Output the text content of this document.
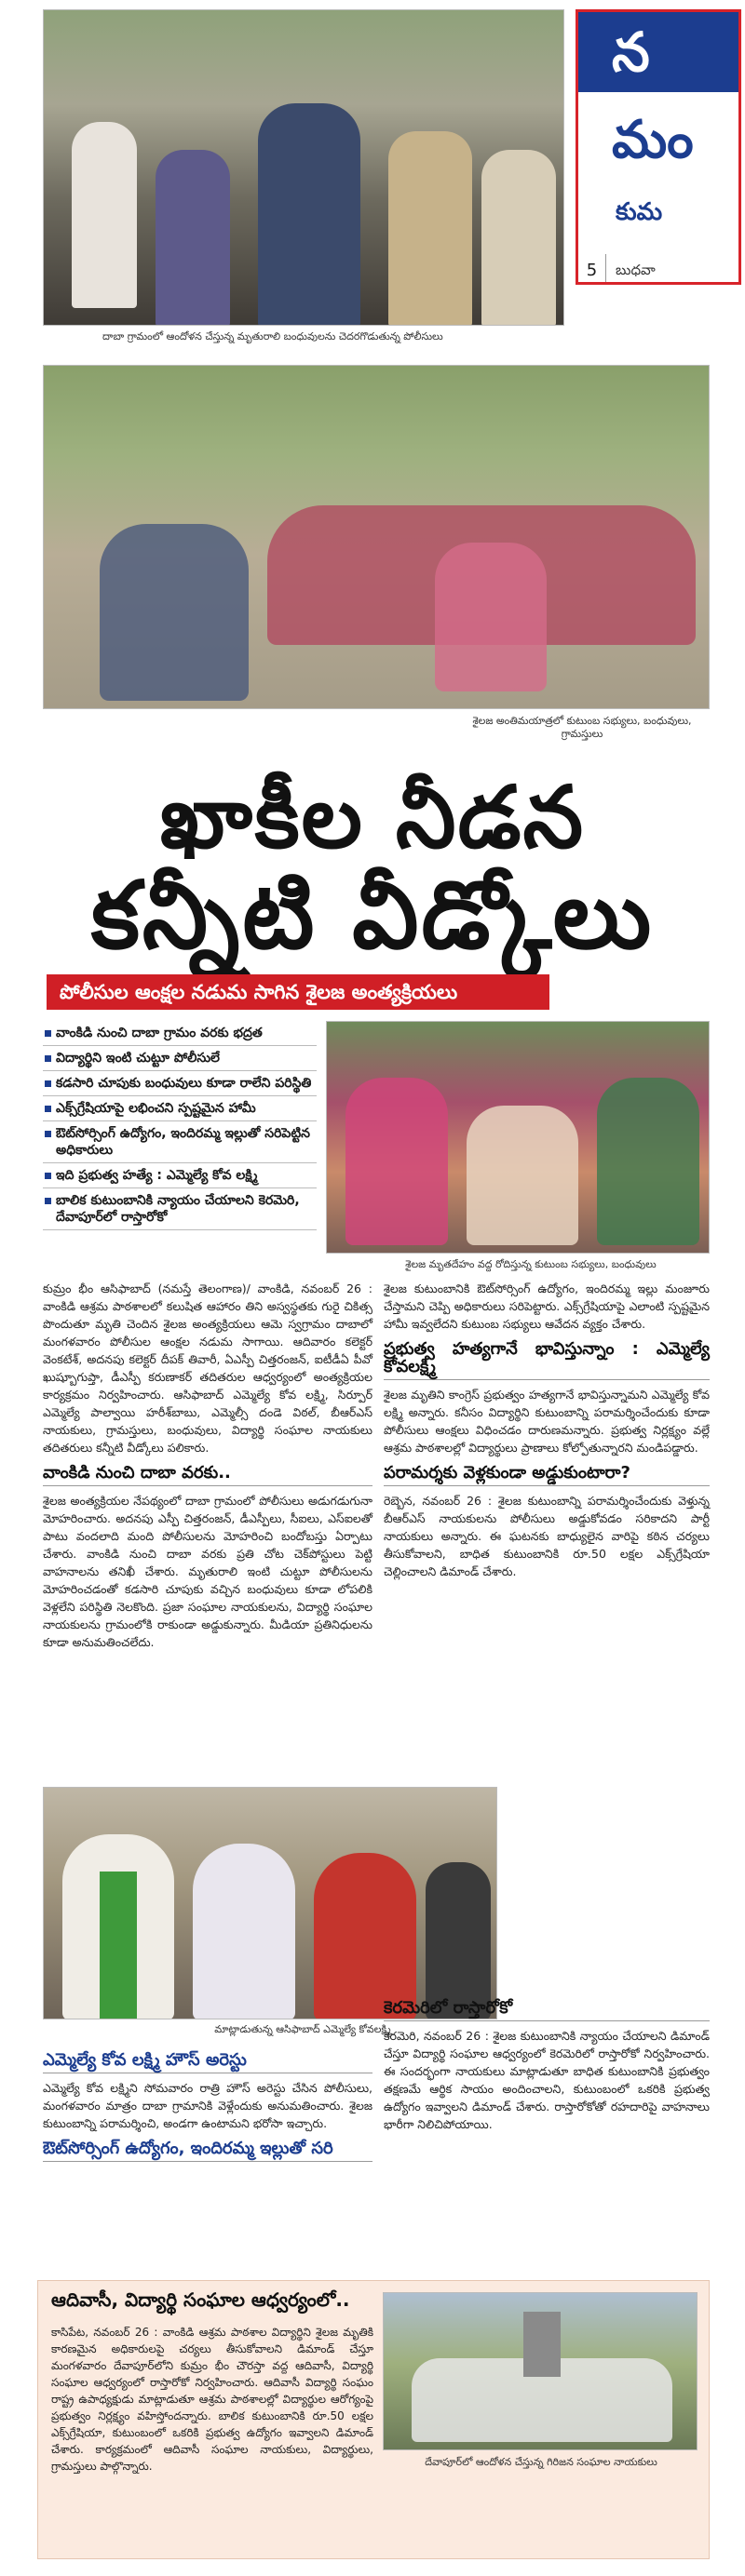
దాబా గ్రామంలో ఆందోళన చేస్తున్న మృతురాలి బంధువులను చెదరగొడుతున్న పోలీసులు
న
మం
కుమ
5	బుధవా
శైలజ అంతిమయాత్రలో కుటుంబ సభ్యులు, బంధువులు, గ్రామస్తులు
ఖాకీల నీడన
కన్నీటి వీడ్కోలు
పోలీసుల ఆంక్షల నడుమ సాగిన శైలజ అంత్యక్రియలు
వాంకిడి నుంచి దాబా గ్రామం వరకు భద్రత
విద్యార్థిని ఇంటి చుట్టూ పోలీసులే
కడసారి చూపుకు బంధువులు కూడా రాలేని పరిస్థితి
ఎక్స్‌గ్రేషియాపై లభించని స్పష్టమైన హామీ
ఔట్‌సోర్సింగ్ ఉద్యోగం, ఇందిరమ్మ ఇల్లుతో సరిపెట్టిన అధికారులు
ఇది ప్రభుత్వ హత్యే : ఎమ్మెల్యే కోవ లక్ష్మి
బాలిక కుటుంబానికి న్యాయం చేయాలని కెరమెరి, దేవాపూర్‌లో రాస్తారోకో
శైలజ మృతదేహం వద్ద రోదిస్తున్న కుటుంబ సభ్యులు, బంధువులు

కుమ్రం భీం ఆసిఫాబాద్ (నమస్తే తెలంగాణ)/ వాంకిడి, నవంబర్ 26 : వాంకిడి ఆశ్రమ పాఠశాలలో కలుషిత ఆహారం తిని అస్వస్థతకు గురై చికిత్స పొందుతూ మృతి చెందిన శైలజ అంత్యక్రియలు ఆమె స్వగ్రామం దాబాలో మంగళవారం పోలీసుల ఆంక్షల నడుమ సాగాయి. ఆదివారం కలెక్టర్ వెంకటేశ్, అదనపు కలెక్టర్ దీపక్ తివారీ, ఏఎస్పీ చిత్తరంజన్, ఐటీడీఏ పీవో ఖుష్బూగుప్తా, డీఎస్పీ కరుణాకర్ తదితరుల ఆధ్వర్యంలో అంత్యక్రియల కార్యక్రమం నిర్వహించారు. ఆసిఫాబాద్ ఎమ్మెల్యే కోవ లక్ష్మి, సిర్పూర్ ఎమ్మెల్యే పాల్వాయి హరీశ్‌బాబు, ఎమ్మెల్సీ దండె విఠల్, బీఆర్ఎస్ నాయకులు, గ్రామస్తులు, బంధువులు, విద్యార్థి సంఘాల నాయకులు తదితరులు కన్నీటి వీడ్కోలు పలికారు.

వాంకిడి నుంచి దాబా వరకు..

శైలజ అంత్యక్రియల నేపథ్యంలో దాబా గ్రామంలో పోలీసులు అడుగడుగునా మోహరించారు. అదనపు ఎస్పీ చిత్తరంజన్, డీఎస్పీలు, సీఐలు, ఎస్ఐలతో పాటు వందలాది మంది పోలీసులను మోహరించి బందోబస్తు ఏర్పాటు చేశారు. వాంకిడి నుంచి దాబా వరకు ప్రతి చోట చెక్‌పోస్టులు పెట్టి వాహనాలను తనిఖీ చేశారు. మృతురాలి ఇంటి చుట్టూ పోలీసులను మోహరించడంతో కడసారి చూపుకు వచ్చిన బంధువులు కూడా లోపలికి వెళ్లలేని పరిస్థితి నెలకొంది. ప్రజా సంఘాల నాయకులను, విద్యార్థి సంఘాల నాయకులను గ్రామంలోకి రాకుండా అడ్డుకున్నారు. మీడియా ప్రతినిధులను కూడా అనుమతించలేదు.

శైలజ కుటుంబానికి ఔట్‌సోర్సింగ్ ఉద్యోగం, ఇందిరమ్మ ఇల్లు మంజూరు చేస్తామని చెప్పి అధికారులు సరిపెట్టారు. ఎక్స్‌గ్రేషియాపై ఎలాంటి స్పష్టమైన హామీ ఇవ్వలేదని కుటుంబ సభ్యులు ఆవేదన వ్యక్తం చేశారు.

ప్రభుత్వ హత్యగానే భావిస్తున్నాం : ఎమ్మెల్యే కోవలక్ష్మి

శైలజ మృతిని కాంగ్రెస్ ప్రభుత్వం హత్యగానే భావిస్తున్నామని ఎమ్మెల్యే కోవ లక్ష్మి అన్నారు. కనీసం విద్యార్థిని కుటుంబాన్ని పరామర్శించేందుకు కూడా పోలీసులు ఆంక్షలు విధించడం దారుణమన్నారు. ప్రభుత్వ నిర్లక్ష్యం వల్లే ఆశ్రమ పాఠశాలల్లో విద్యార్థులు ప్రాణాలు కోల్పోతున్నారని మండిపడ్డారు.

పరామర్శకు వెళ్లకుండా అడ్డుకుంటారా?

రెబ్బెన, నవంబర్ 26 : శైలజ కుటుంబాన్ని పరామర్శించేందుకు వెళ్తున్న బీఆర్ఎస్ నాయకులను పోలీసులు అడ్డుకోవడం సరికాదని పార్టీ నాయకులు అన్నారు. ఈ ఘటనకు బాధ్యులైన వారిపై కఠిన చర్యలు తీసుకోవాలని, బాధిత కుటుంబానికి రూ.50 లక్షల ఎక్స్‌గ్రేషియా చెల్లించాలని డిమాండ్ చేశారు.

మాట్లాడుతున్న ఆసిఫాబాద్ ఎమ్మెల్యే కోవలక్ష్మి
ఎమ్మెల్యే కోవ లక్ష్మి హౌస్ అరెస్టు

ఎమ్మెల్యే కోవ లక్ష్మిని సోమవారం రాత్రి హౌస్ అరెస్టు చేసిన పోలీసులు, మంగళవారం మాత్రం దాబా గ్రామానికి వెళ్లేందుకు అనుమతించారు. శైలజ కుటుంబాన్ని పరామర్శించి, అండగా ఉంటామని భరోసా ఇచ్చారు.

ఔట్‌సోర్సింగ్ ఉద్యోగం, ఇందిరమ్మ ఇల్లుతో సరి
కెరమెరిలో రాస్తారోకో

కెరమెరి, నవంబర్ 26 : శైలజ కుటుంబానికి న్యాయం చేయాలని డిమాండ్ చేస్తూ విద్యార్థి సంఘాల ఆధ్వర్యంలో కెరమెరిలో రాస్తారోకో నిర్వహించారు. ఈ సందర్భంగా నాయకులు మాట్లాడుతూ బాధిత కుటుంబానికి ప్రభుత్వం తక్షణమే ఆర్థిక సాయం అందించాలని, కుటుంబంలో ఒకరికి ప్రభుత్వ ఉద్యోగం ఇవ్వాలని డిమాండ్ చేశారు. రాస్తారోకోతో రహదారిపై వాహనాలు భారీగా నిలిచిపోయాయి.

ఆదివాసీ, విద్యార్థి సంఘాల ఆధ్వర్యంలో..
దేవాపూర్‌లో ఆందోళన చేస్తున్న గిరిజన సంఘాల నాయకులు
కాసిపేట, నవంబర్ 26 : వాంకిడి ఆశ్రమ పాఠశాల విద్యార్థిని శైలజ మృతికి కారణమైన అధికారులపై చర్యలు తీసుకోవాలని డిమాండ్ చేస్తూ మంగళవారం దేవాపూర్‌లోని కుమ్రం భీం చౌరస్తా వద్ద ఆదివాసీ, విద్యార్థి సంఘాల ఆధ్వర్యంలో రాస్తారోకో నిర్వహించారు. ఆదివాసీ విద్యార్థి సంఘం రాష్ట్ర ఉపాధ్యక్షుడు మాట్లాడుతూ ఆశ్రమ పాఠశాలల్లో విద్యార్థుల ఆరోగ్యంపై ప్రభుత్వం నిర్లక్ష్యం వహిస్తోందన్నారు. బాలిక కుటుంబానికి రూ.50 లక్షల ఎక్స్‌గ్రేషియా, కుటుంబంలో ఒకరికి ప్రభుత్వ ఉద్యోగం ఇవ్వాలని డిమాండ్ చేశారు. కార్యక్రమంలో ఆదివాసీ సంఘాల నాయకులు, విద్యార్థులు, గ్రామస్తులు పాల్గొన్నారు.
